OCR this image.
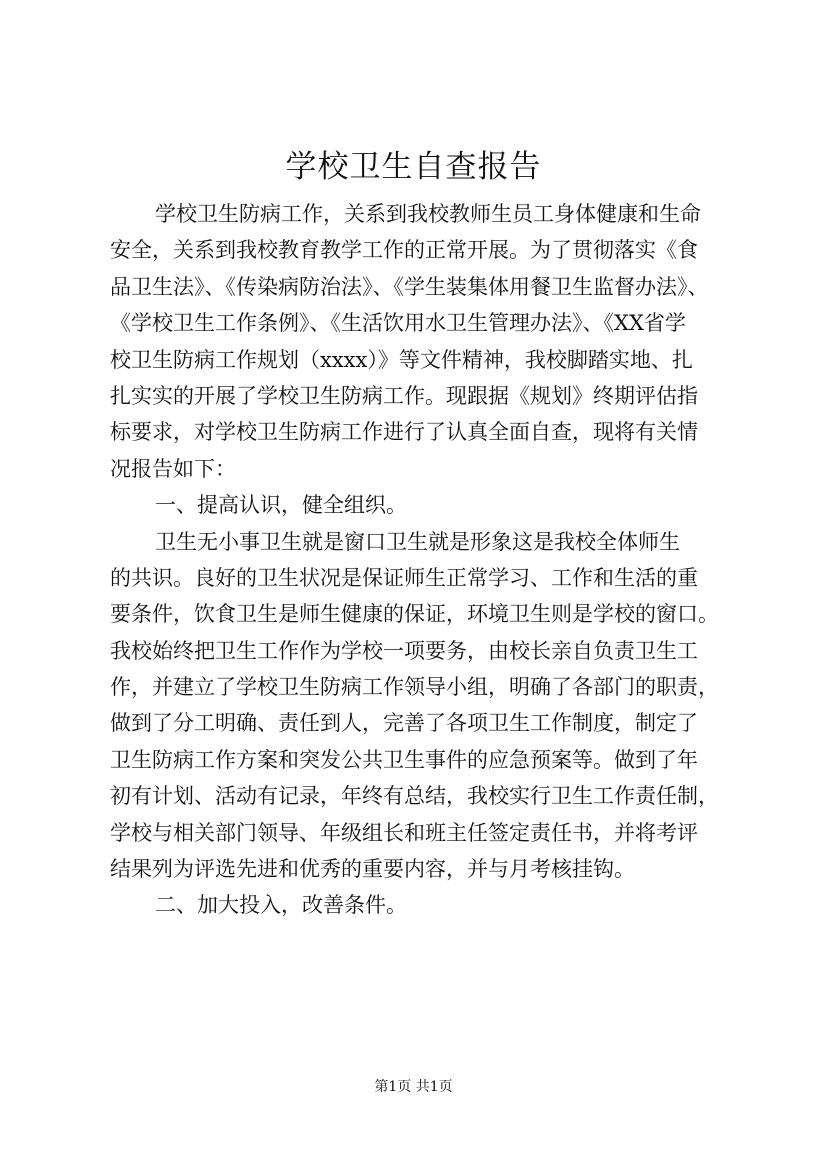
学校卫生自查报告
学校卫生防病工作，关系到我校教师生员工身体健康和生命
安全，关系到我校教育教学工作的正常开展。为了贯彻落实《食
品卫生法》、《传染病防治法》、《学生装集体用餐卫生监督办法》、
《学校卫生工作条例》、《生活饮用水卫生管理办法》、《XX省学
校卫生防病工作规划（xxxx）》等文件精神，我校脚踏实地、扎
扎实实的开展了学校卫生防病工作。现跟据《规划》终期评估指
标要求，对学校卫生防病工作进行了认真全面自查，现将有关情
况报告如下：
一、提高认识，健全组织。
卫生无小事卫生就是窗口卫生就是形象这是我校全体师生
的共识。良好的卫生状况是保证师生正常学习、工作和生活的重
要条件，饮食卫生是师生健康的保证，环境卫生则是学校的窗口。
我校始终把卫生工作作为学校一项要务，由校长亲自负责卫生工
作，并建立了学校卫生防病工作领导小组，明确了各部门的职责，
做到了分工明确、责任到人，完善了各项卫生工作制度，制定了
卫生防病工作方案和突发公共卫生事件的应急预案等。做到了年
初有计划、活动有记录，年终有总结，我校实行卫生工作责任制，
学校与相关部门领导、年级组长和班主任签定责任书，并将考评
结果列为评选先进和优秀的重要内容，并与月考核挂钩。
二、加大投入，改善条件。
第1页 共1页
